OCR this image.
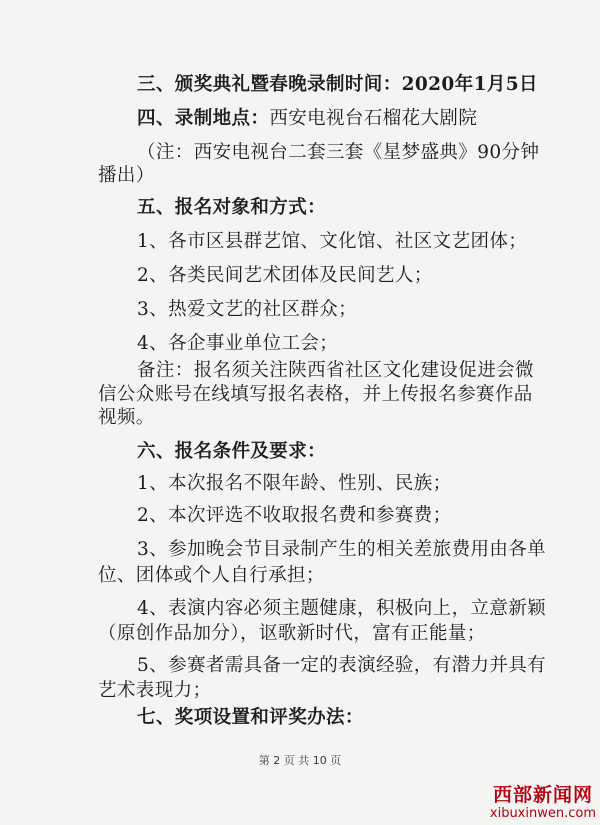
三、颁奖典礼暨春晚录制时间：2020年1月5日
四、录制地点：西安电视台石榴花大剧院
（注：西安电视台二套三套《星梦盛典》90分钟
播出）
五、报名对象和方式：
1、各市区县群艺馆、文化馆、社区文艺团体；
2、各类民间艺术团体及民间艺人；
3、热爱文艺的社区群众；
4、各企事业单位工会；
备注：报名须关注陕西省社区文化建设促进会微
信公众账号在线填写报名表格，并上传报名参赛作品
视频。
六、报名条件及要求：
1、本次报名不限年龄、性别、民族；
2、本次评选不收取报名费和参赛费；
3、参加晚会节目录制产生的相关差旅费用由各单
位、团体或个人自行承担；
4、表演内容必须主题健康，积极向上，立意新颖
（原创作品加分），讴歌新时代，富有正能量；
5、参赛者需具备一定的表演经验，有潜力并具有
艺术表现力；
七、奖项设置和评奖办法：
第 2 页 共 10 页
西部新闻网
xibuxinwen.com
